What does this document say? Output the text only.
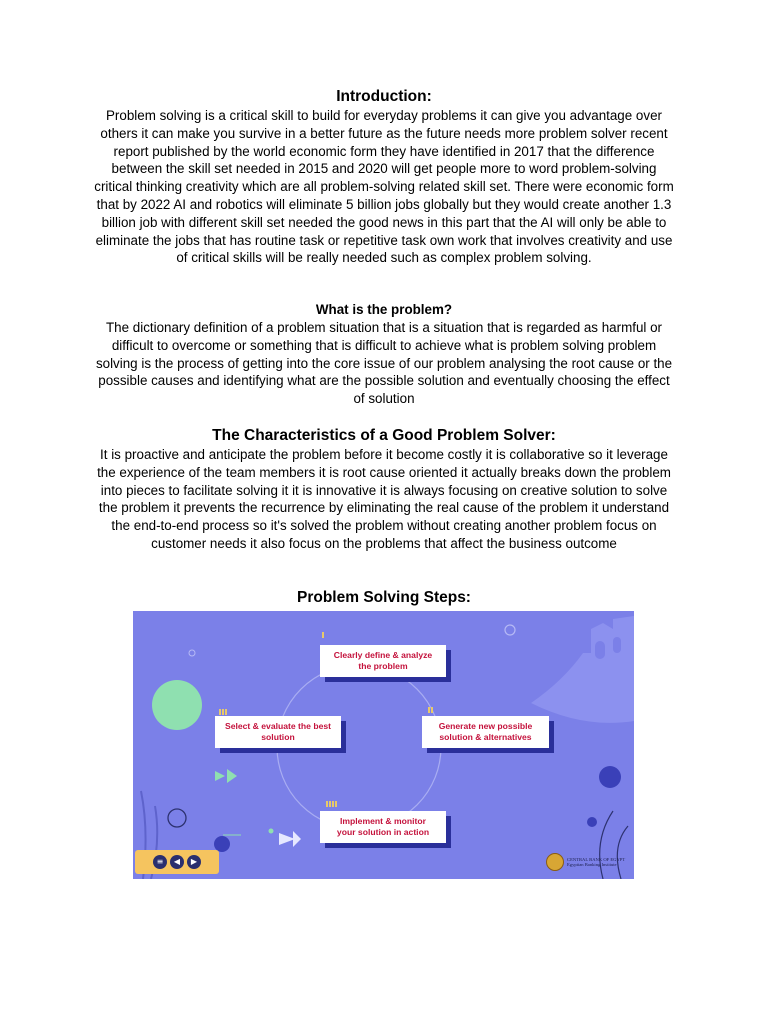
Introduction:

Problem solving is a critical skill to build for everyday problems it can give you advantage over others it can make you survive in a better future as the future needs more problem solver recent report published by the world economic form they have identified in 2017 that the difference between the skill set needed in 2015 and 2020 will get people more to word problem-solving critical thinking creativity which are all problem-solving related skill set. There were economic form that by 2022 AI and robotics will eliminate 5 billion jobs globally but they would create another 1.3 billion job with different skill set needed the good news in this part that the AI will only be able to eliminate the jobs that has routine task or repetitive task own work that involves creativity and use of critical skills will be really needed such as complex problem solving.

What is the problem?

The dictionary definition of a problem situation that is a situation that is regarded as harmful or difficult to overcome or something that is difficult to achieve what is problem solving problem solving is the process of getting into the core issue of our problem analysing the root cause or the possible causes and identifying what are the possible solution and eventually choosing the effect of solution

The Characteristics of a Good Problem Solver:

It is proactive and anticipate the problem before it become costly it is collaborative so it leverage the experience of the team members it is root cause oriented it actually breaks down the problem into pieces to facilitate solving it it is innovative it is always focusing on creative solution to solve the problem it prevents the recurrence by eliminating the real cause of the problem it understand the end-to-end process so it's solved the problem without creating another problem focus on customer needs it also focus on the problems that affect the business outcome

Problem Solving Steps:
Clearly define & analyze
the problem
Generate new possible
solution & alternatives
Select & evaluate the best
solution
Implement & monitor
your solution in action
≡	◀	▶	CENTRAL BANK OF EGYPT
Egyptian Banking Institute
